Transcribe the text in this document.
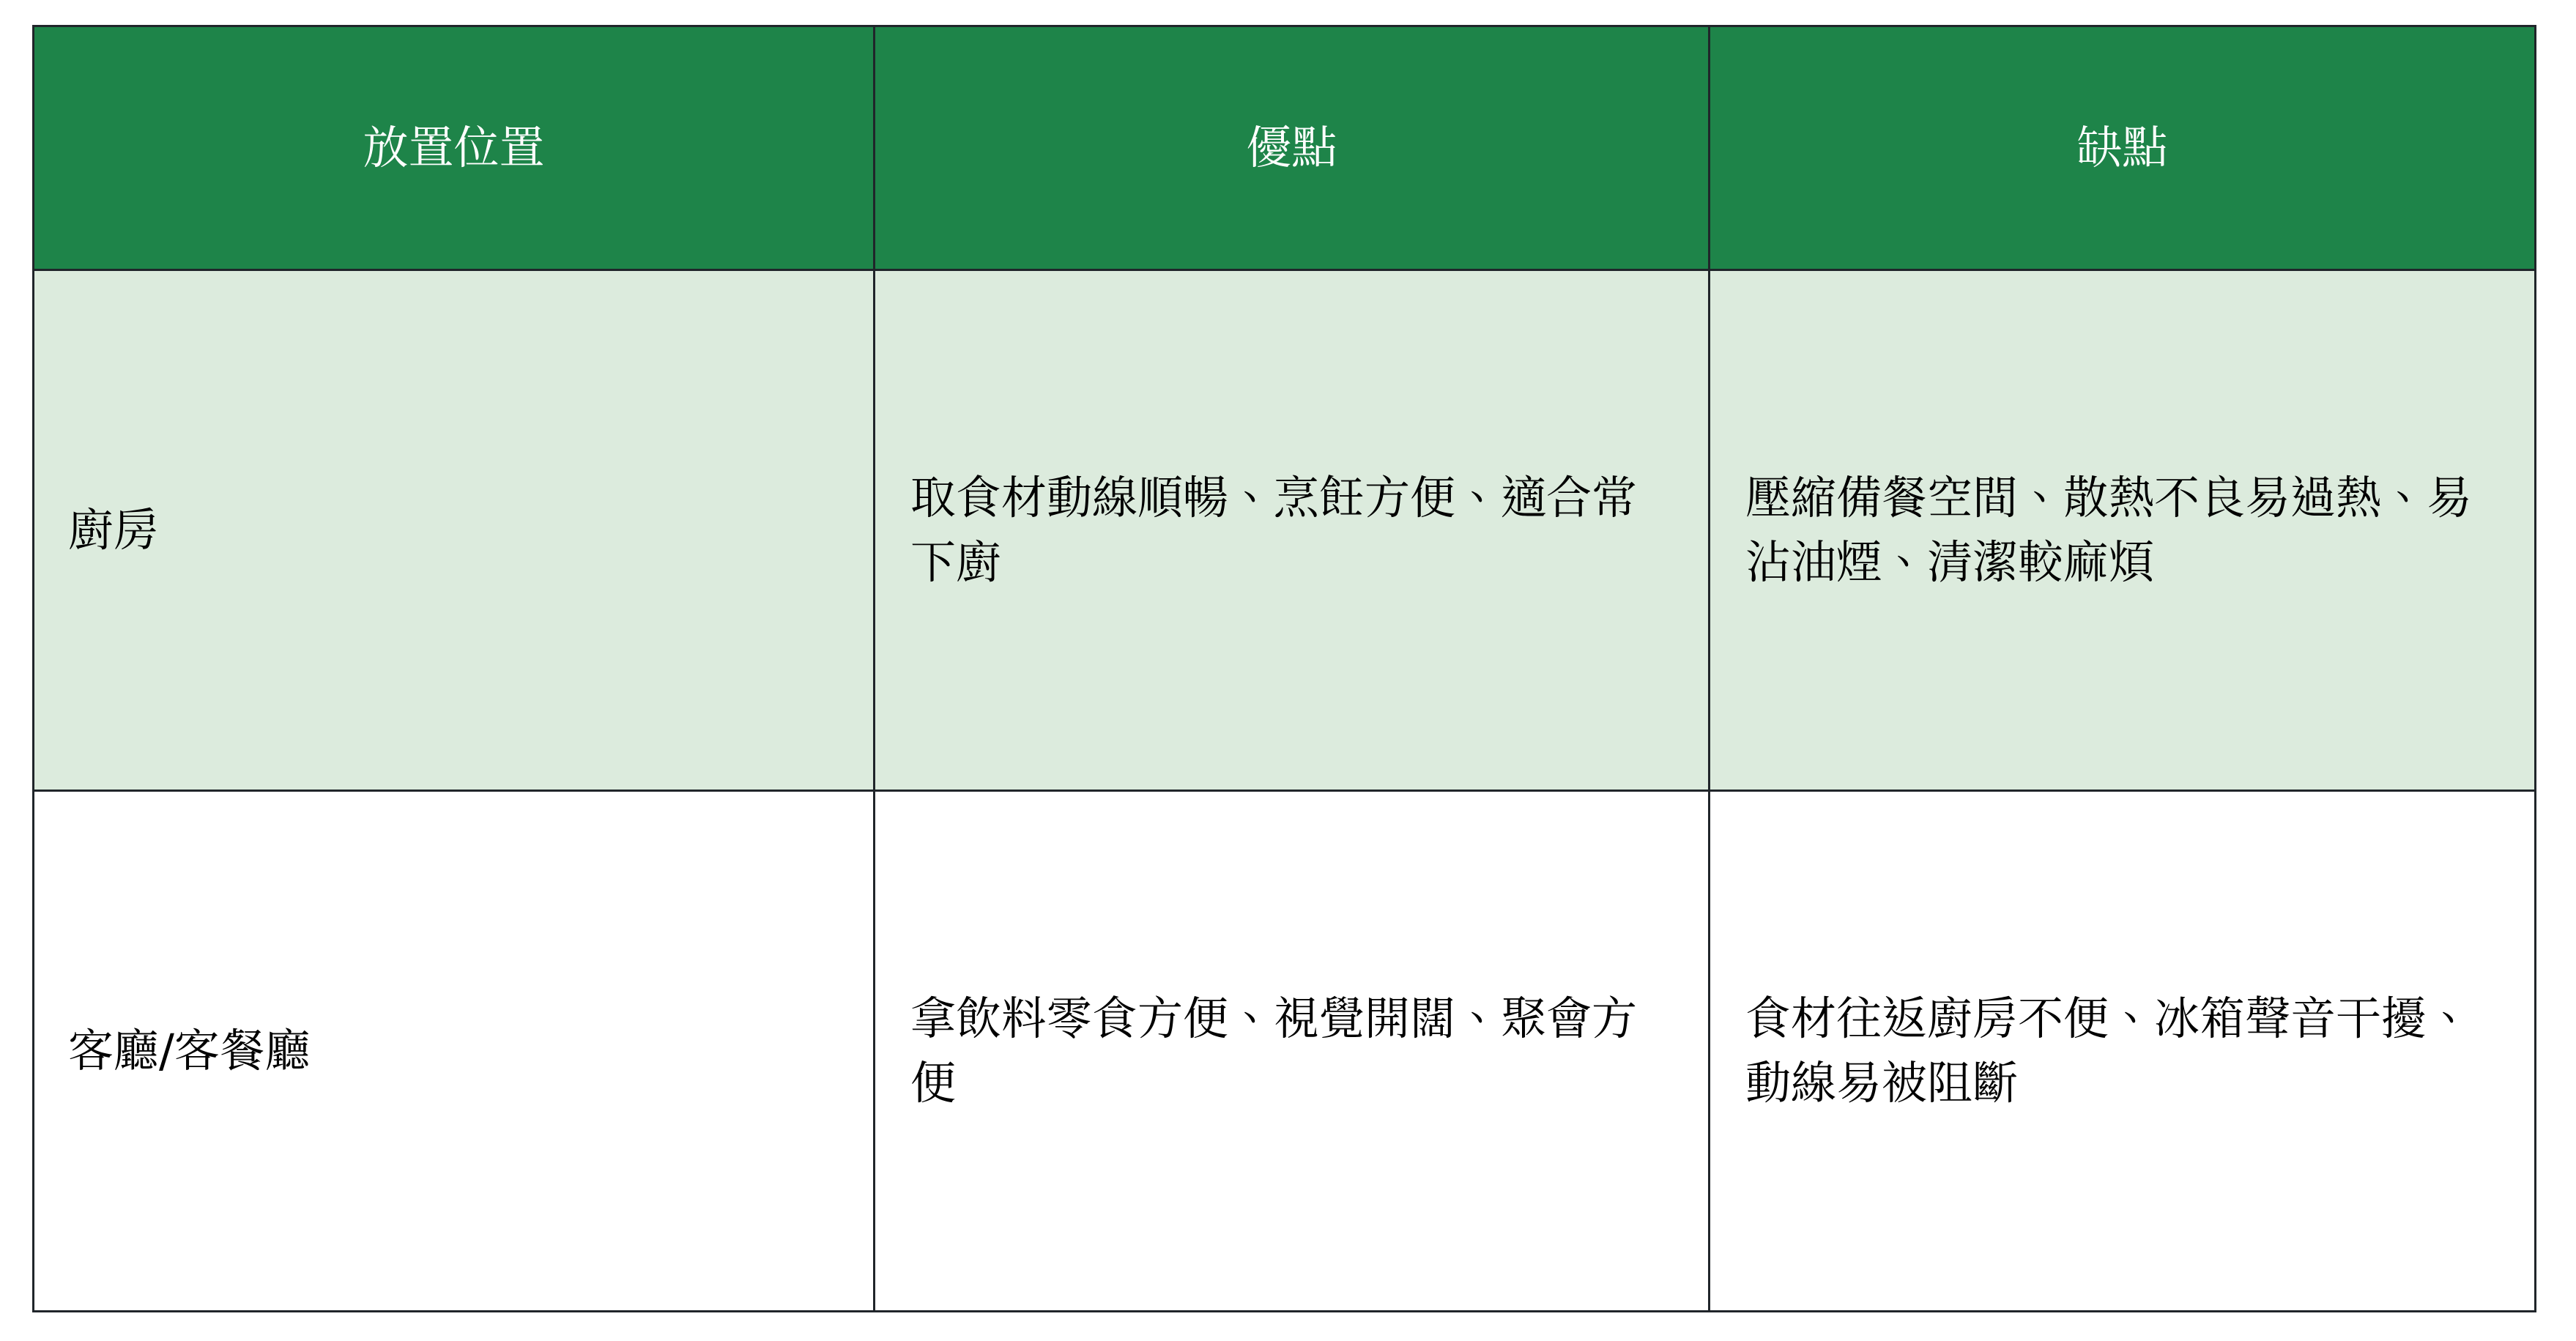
放置位置	優點	缺點
廚房	取食材動線順暢、烹飪方便、適合常下廚	壓縮備餐空間、散熱不良易過熱、易沾油煙、清潔較麻煩
客廳/客餐廳	拿飲料零食方便、視覺開闊、聚會方便	食材往返廚房不便、冰箱聲音干擾、動線易被阻斷
